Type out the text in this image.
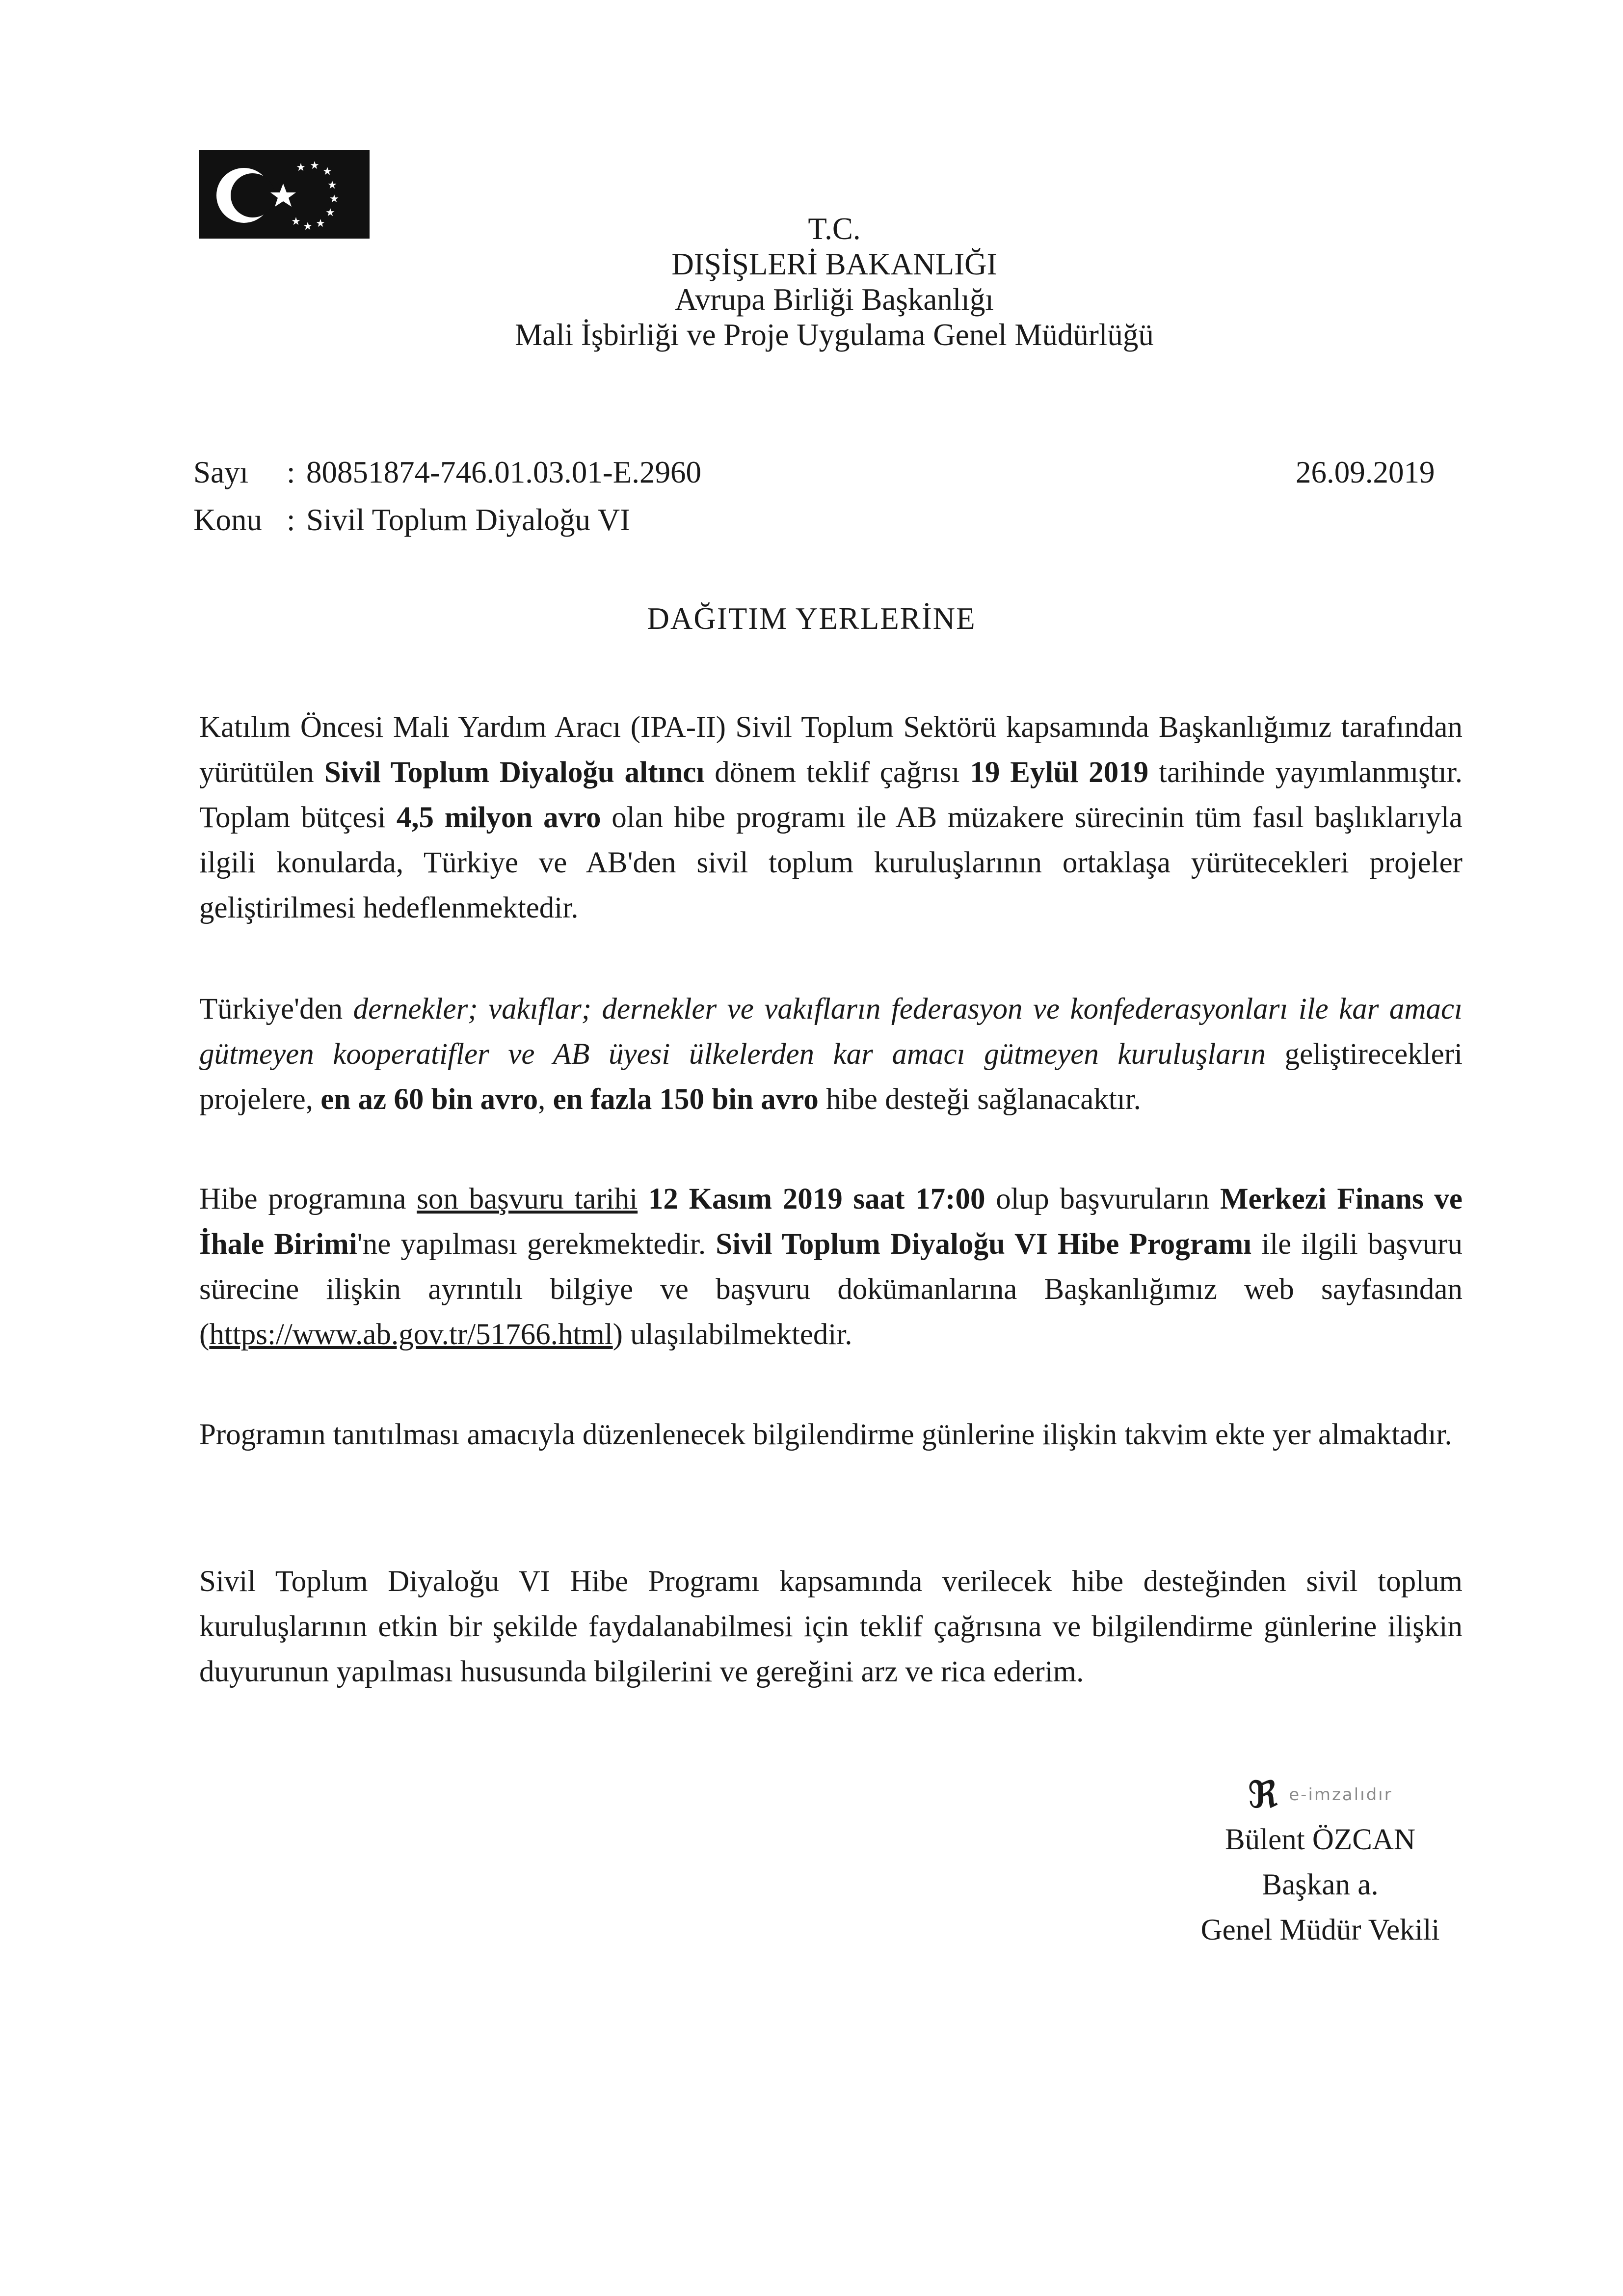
★ ★ ★
★
★
★
★
★
★	T.C.
DIŞİŞLERİ BAKANLIĞI
Avrupa Birliği Başkanlığı
Mali İşbirliği ve Proje Uygulama Genel Müdürlüğü
Sayı : 80851874-746.01.03.01-E.2960
Konu : Sivil Toplum Diyaloğu VI
26.09.2019
DAĞITIM YERLERİNE

Katılım Öncesi Mali Yardım Aracı (IPA-II) Sivil Toplum Sektörü kapsamında Başkanlığımız tarafından yürütülen Sivil Toplum Diyaloğu altıncı dönem teklif çağrısı 19 Eylül 2019 tarihinde yayımlanmıştır. Toplam bütçesi 4,5 milyon avro olan hibe programı ile AB müzakere sürecinin tüm fasıl başlıklarıyla ilgili konularda, Türkiye ve AB'den sivil toplum kuruluşlarının ortaklaşa yürütecekleri projeler geliştirilmesi hedeflenmektedir.

Türkiye'den dernekler; vakıflar; dernekler ve vakıfların federasyon ve konfederasyonları ile kar amacı gütmeyen kooperatifler ve AB üyesi ülkelerden kar amacı gütmeyen kuruluşların geliştirecekleri projelere, en az 60 bin avro, en fazla 150 bin avro hibe desteği sağlanacaktır.

Hibe programına son başvuru tarihi 12 Kasım 2019 saat 17:00 olup başvuruların Merkezi Finans ve İhale Birimi'ne yapılması gerekmektedir. Sivil Toplum Diyaloğu VI Hibe Programı ile ilgili başvuru sürecine ilişkin ayrıntılı bilgiye ve başvuru dokümanlarına Başkanlığımız web sayfasından (https://www.ab.gov.tr/51766.html) ulaşılabilmektedir.

Programın tanıtılması amacıyla düzenlenecek bilgilendirme günlerine ilişkin takvim ekte yer almaktadır.

Sivil Toplum Diyaloğu VI Hibe Programı kapsamında verilecek hibe desteğinden sivil toplum kuruluşlarının etkin bir şekilde faydalanabilmesi için teklif çağrısına ve bilgilendirme günlerine ilişkin duyurunun yapılması hususunda bilgilerini ve gereğini arz ve rica ederim.

ℜ e-imzalıdır
Bülent ÖZCAN
Başkan a.
Genel Müdür Vekili
